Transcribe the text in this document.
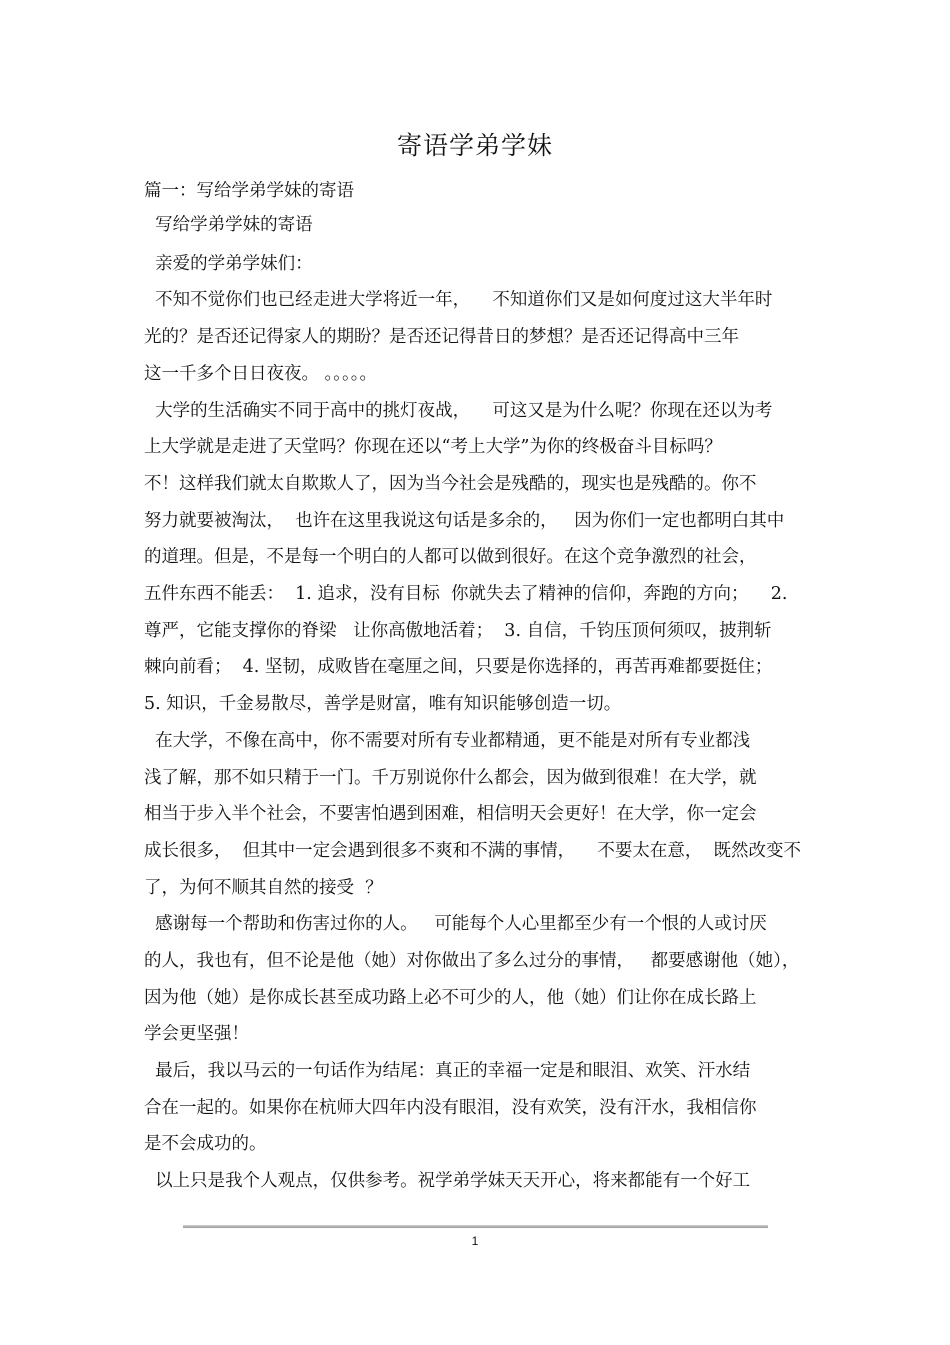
寄语学弟学妹

篇一：写给学弟学妹的寄语

写给学弟学妹的寄语

亲爱的学弟学妹们：

不知不觉你们也已经走进大学将近一年，    不知道你们又是如何度过这大半年时

光的？是否还记得家人的期盼？是否还记得昔日的梦想？是否还记得高中三年

这一千多个日日夜夜。 。。。。。

大学的生活确实不同于高中的挑灯夜战，    可这又是为什么呢？你现在还以为考

上大学就是走进了天堂吗？你现在还以“考上大学”为你的终极奋斗目标吗？

不！这样我们就太自欺欺人了，因为当今社会是残酷的，现实也是残酷的。你不

努力就要被淘汰，  也许在这里我说这句话是多余的，   因为你们一定也都明白其中

的道理。但是，不是每一个明白的人都可以做到很好。在这个竞争激烈的社会，

五件东西不能丢：  1. 追求，没有目标  你就失去了精神的信仰，奔跑的方向；    2.

尊严，它能支撑你的脊梁   让你高傲地活着；  3. 自信，千钧压顶何须叹，披荆斩

棘向前看；  4. 坚韧，成败皆在毫厘之间，只要是你选择的，再苦再难都要挺住；

5. 知识，千金易散尽，善学是财富，唯有知识能够创造一切。

在大学，不像在高中，你不需要对所有专业都精通，更不能是对所有专业都浅

浅了解，那不如只精于一门。千万别说你什么都会，因为做到很难！在大学，就

相当于步入半个社会，不要害怕遇到困难，相信明天会更好！在大学，你一定会

成长很多，  但其中一定会遇到很多不爽和不满的事情，    不要太在意，  既然改变不

了，为何不顺其自然的接受  ？

感谢每一个帮助和伤害过你的人。   可能每个人心里都至少有一个恨的人或讨厌

的人，我也有，但不论是他（她）对你做出了多么过分的事情，   都要感谢他（她），

因为他（她）是你成长甚至成功路上必不可少的人，他（她）们让你在成长路上

学会更坚强！

最后，我以马云的一句话作为结尾：真正的幸福一定是和眼泪、欢笑、汗水结

合在一起的。如果你在杭师大四年内没有眼泪，没有欢笑，没有汗水，我相信你

是不会成功的。

以上只是我个人观点，仅供参考。祝学弟学妹天天开心，将来都能有一个好工

1
